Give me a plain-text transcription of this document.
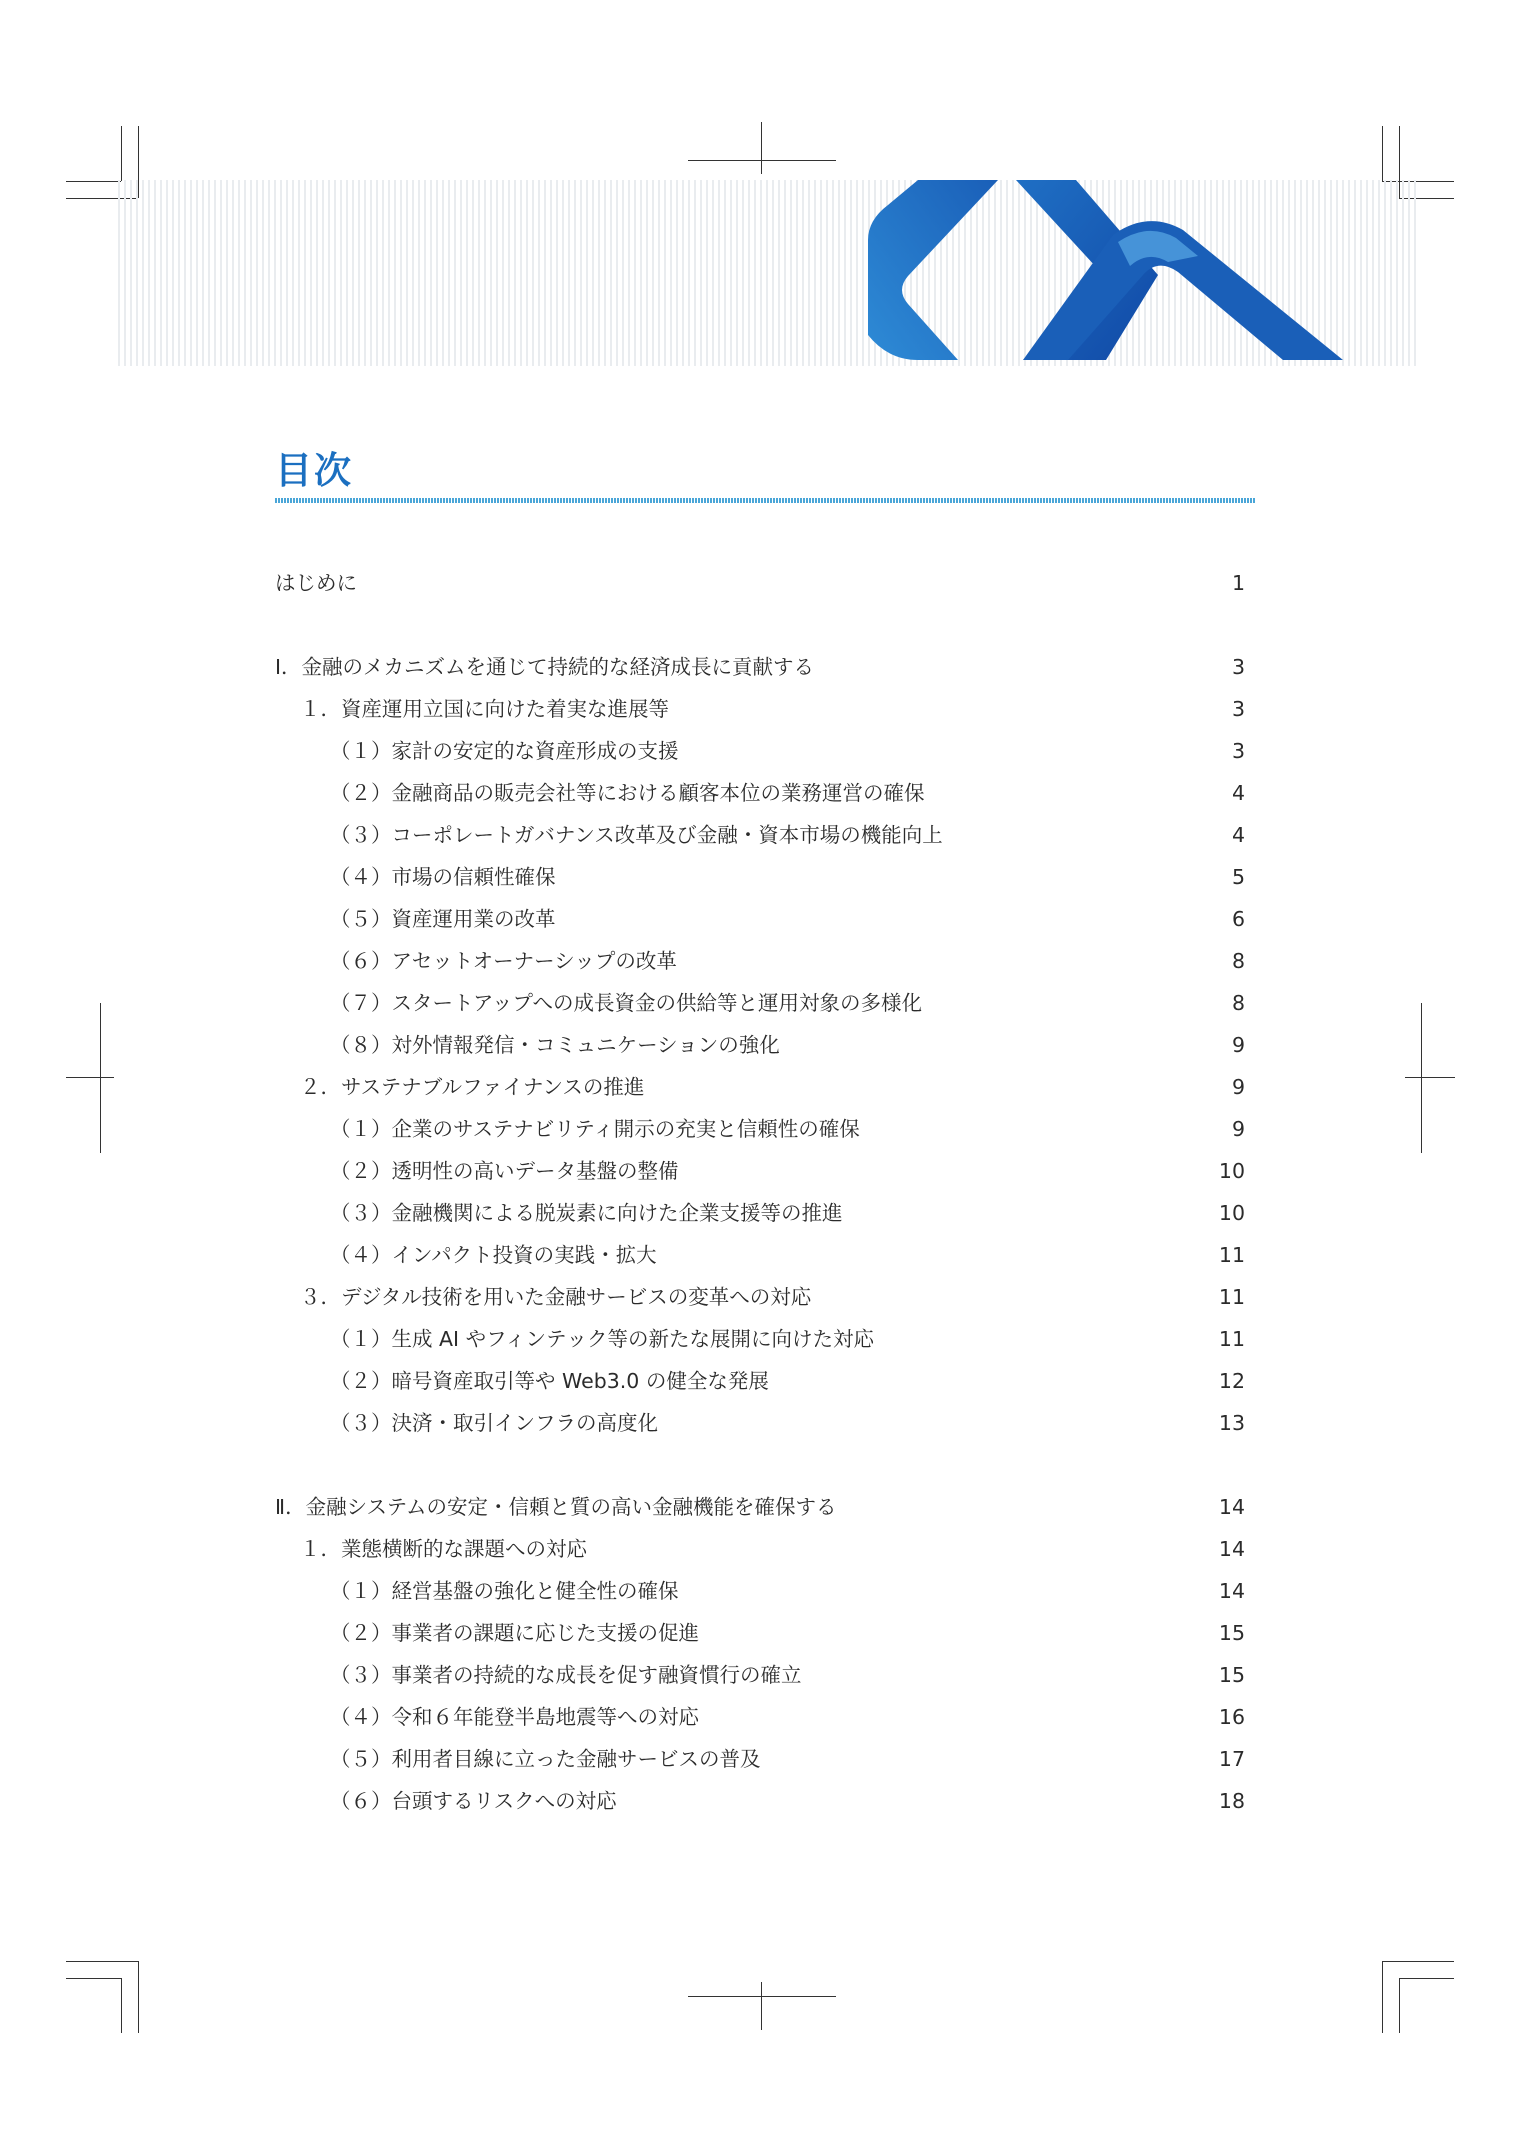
目次
はじめに	1
Ⅰ．金融のメカニズムを通じて持続的な経済成長に貢献する	3
１．資産運用立国に向けた着実な進展等	3
（１）家計の安定的な資産形成の支援	3
（２）金融商品の販売会社等における顧客本位の業務運営の確保	4
（３）コーポレートガバナンス改革及び金融・資本市場の機能向上	4
（４）市場の信頼性確保	5
（５）資産運用業の改革	6
（６）アセットオーナーシップの改革	8
（７）スタートアップへの成長資金の供給等と運用対象の多様化	8
（８）対外情報発信・コミュニケーションの強化	9
２．サステナブルファイナンスの推進	9
（１）企業のサステナビリティ開示の充実と信頼性の確保	9
（２）透明性の高いデータ基盤の整備	10
（３）金融機関による脱炭素に向けた企業支援等の推進	10
（４）インパクト投資の実践・拡大	11
３．デジタル技術を用いた金融サービスの変革への対応	11
（１）生成 AI やフィンテック等の新たな展開に向けた対応	11
（２）暗号資産取引等や Web3.0 の健全な発展	12
（３）決済・取引インフラの高度化	13
Ⅱ．金融システムの安定・信頼と質の高い金融機能を確保する	14
１．業態横断的な課題への対応	14
（１）経営基盤の強化と健全性の確保	14
（２）事業者の課題に応じた支援の促進	15
（３）事業者の持続的な成長を促す融資慣行の確立	15
（４）令和６年能登半島地震等への対応	16
（５）利用者目線に立った金融サービスの普及	17
（６）台頭するリスクへの対応	18
